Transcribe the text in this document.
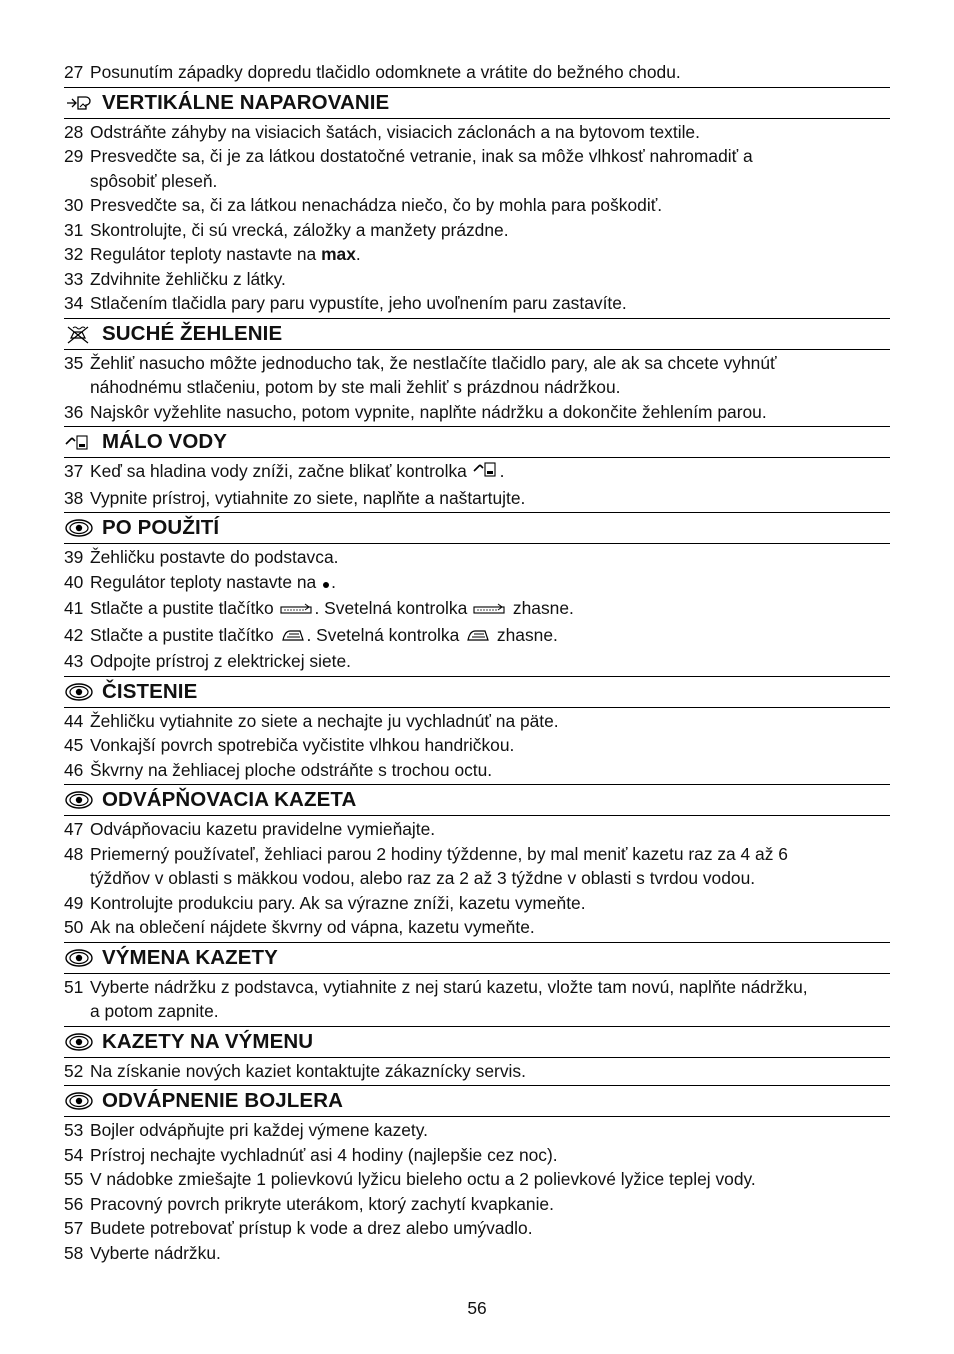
27 Posunutím západky dopredu tlačidlo odomknete a vrátite do bežného chodu.
VERTIKÁLNE NAPAROVANIE
28 Odstráňte záhyby na visiacich šatách, visiacich záclonách a na bytovom textile.
29 Presvedčte sa, či je za látkou dostatočné vetranie, inak sa môže vlhkosť nahromadiť a
spôsobiť pleseň.
30 Presvedčte sa, či za látkou nenachádza niečo, čo by mohla para poškodiť.
31 Skontrolujte, či sú vrecká, záložky a manžety prázdne.
32 Regulátor teploty nastavte na max.
33 Zdvihnite žehličku z látky.
34 Stlačením tlačidla pary paru vypustíte, jeho uvoľnením paru zastavíte.
SUCHÉ ŽEHLENIE
35 Žehliť nasucho môžte jednoducho tak, že nestlačíte tlačidlo pary, ale ak sa chcete vyhnúť
náhodnému stlačeniu, potom by ste mali žehliť s prázdnou nádržkou.
36 Najskôr vyžehlite nasucho, potom vypnite, naplňte nádržku a dokončite žehlením parou.
MÁLO VODY
37 Keď sa hladina vody zníži, začne blikať kontrolka .
38 Vypnite prístroj, vytiahnite zo siete, naplňte a naštartujte.
PO POUŽITÍ
39 Žehličku postavte do podstavca.
40 Regulátor teploty nastavte na .
41 Stlačte a pustite tlačítko . Svetelná kontrolka  zhasne.
42 Stlačte a pustite tlačítko . Svetelná kontrolka  zhasne.
43 Odpojte prístroj z elektrickej siete.
ČISTENIE
44 Žehličku vytiahnite zo siete a nechajte ju vychladnúť na päte.
45 Vonkajší povrch spotrebiča vyčistite vlhkou handričkou.
46 Škvrny na žehliacej ploche odstráňte s trochou octu.
ODVÁPŇOVACIA KAZETA
47 Odvápňovaciu kazetu pravidelne vymieňajte.
48 Priemerný používateľ, žehliaci parou 2 hodiny týždenne, by mal meniť kazetu raz za 4 až 6
týždňov v oblasti s mäkkou vodou, alebo raz za 2 až 3 týždne v oblasti s tvrdou vodou.
49 Kontrolujte produkciu pary. Ak sa výrazne zníži, kazetu vymeňte.
50 Ak na oblečení nájdete škvrny od vápna, kazetu vymeňte.
VÝMENA KAZETY
51 Vyberte nádržku z podstavca, vytiahnite z nej starú kazetu, vložte tam novú, naplňte nádržku,
a potom zapnite.
KAZETY NA VÝMENU
52 Na získanie nových kaziet kontaktujte zákaznícky servis.
ODVÁPNENIE BOJLERA
53 Bojler odvápňujte pri každej výmene kazety.
54 Prístroj nechajte vychladnúť asi 4 hodiny (najlepšie cez noc).
55 V nádobke zmiešajte 1 polievkovú lyžicu bieleho octu a 2 polievkové lyžice teplej vody.
56 Pracovný povrch prikryte uterákom, ktorý zachytí kvapkanie.
57 Budete potrebovať prístup k vode a drez alebo umývadlo.
58 Vyberte nádržku.
56
